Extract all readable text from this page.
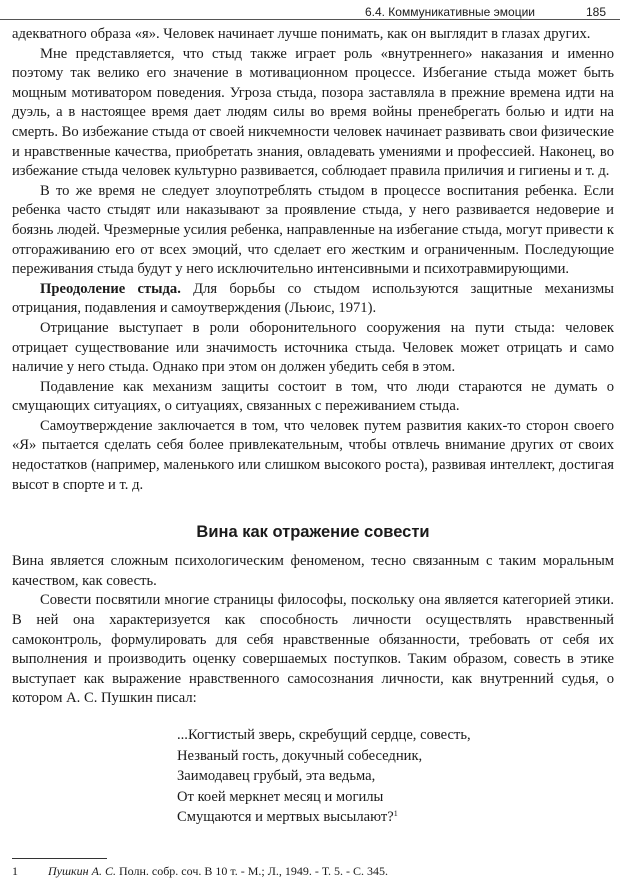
6.4. Коммуникативные эмоции	185

адекватного образа «я». Человек начинает лучше понимать, как он выглядит в глазах других.

Мне представляется, что стыд также играет роль «внутреннего» наказания и именно поэтому так велико его значение в мотивационном процессе. Избегание стыда может быть мощным мотиватором поведения. Угроза стыда, позора заставляла в прежние времена идти на дуэль, а в настоящее время дает людям силы во время войны пренебрегать болью и идти на смерть. Во избежание стыда от своей никчемности человек начинает развивать свои физические и нравственные качества, приобретать знания, овладевать умениями и профессией. Наконец, во избежание стыда человек культурно развивается, соблюдает правила приличия и гигиены и т. д.

В то же время не следует злоупотреблять стыдом в процессе воспитания ребенка. Если ребенка часто стыдят или наказывают за проявление стыда, у него развивается недоверие и боязнь людей. Чрезмерные усилия ребенка, направленные на избегание стыда, могут привести к отгораживанию его от всех эмоций, что сделает его жестким и ограниченным. Последующие переживания стыда будут у него исключительно интенсивными и психотравмирующими.

Преодоление стыда. Для борьбы со стыдом используются защитные механизмы отрицания, подавления и самоутверждения (Льюис, 1971).

Отрицание выступает в роли оборонительного сооружения на пути стыда: человек отрицает существование или значимость источника стыда. Человек может отрицать и само наличие у него стыда. Однако при этом он должен убедить себя в этом.

Подавление как механизм защиты состоит в том, что люди стараются не думать о смущающих ситуациях, о ситуациях, связанных с переживанием стыда.

Самоутверждение заключается в том, что человек путем развития каких-то сторон своего «Я» пытается сделать себя более привлекательным, чтобы отвлечь внимание других от своих недостатков (например, маленького или слишком высокого роста), развивая интеллект, достигая высот в спорте и т. д.

Вина как отражение совести

Вина является сложным психологическим феноменом, тесно связанным с таким моральным качеством, как совесть.

Совести посвятили многие страницы философы, поскольку она является категорией этики. В ней она характеризуется как способность личности осуществлять нравственный самоконтроль, формулировать для себя нравственные обязанности, требовать от себя их выполнения и производить оценку совершаемых поступков. Таким образом, совесть в этике выступает как выражение нравственного самосознания личности, как внутренний судья, о котором А. С. Пушкин писал:

...Когтистый зверь, скребущий сердце, совесть,
Незваный гость, докучный собеседник,
Заимодавец грубый, эта ведьма,
От коей меркнет месяц и могилы
Смущаются и мертвых высылают?$^1$
1	Пушкин А. С. Полн. собр. соч. В 10 т. - М.; Л., 1949. - Т. 5. - С. 345.
